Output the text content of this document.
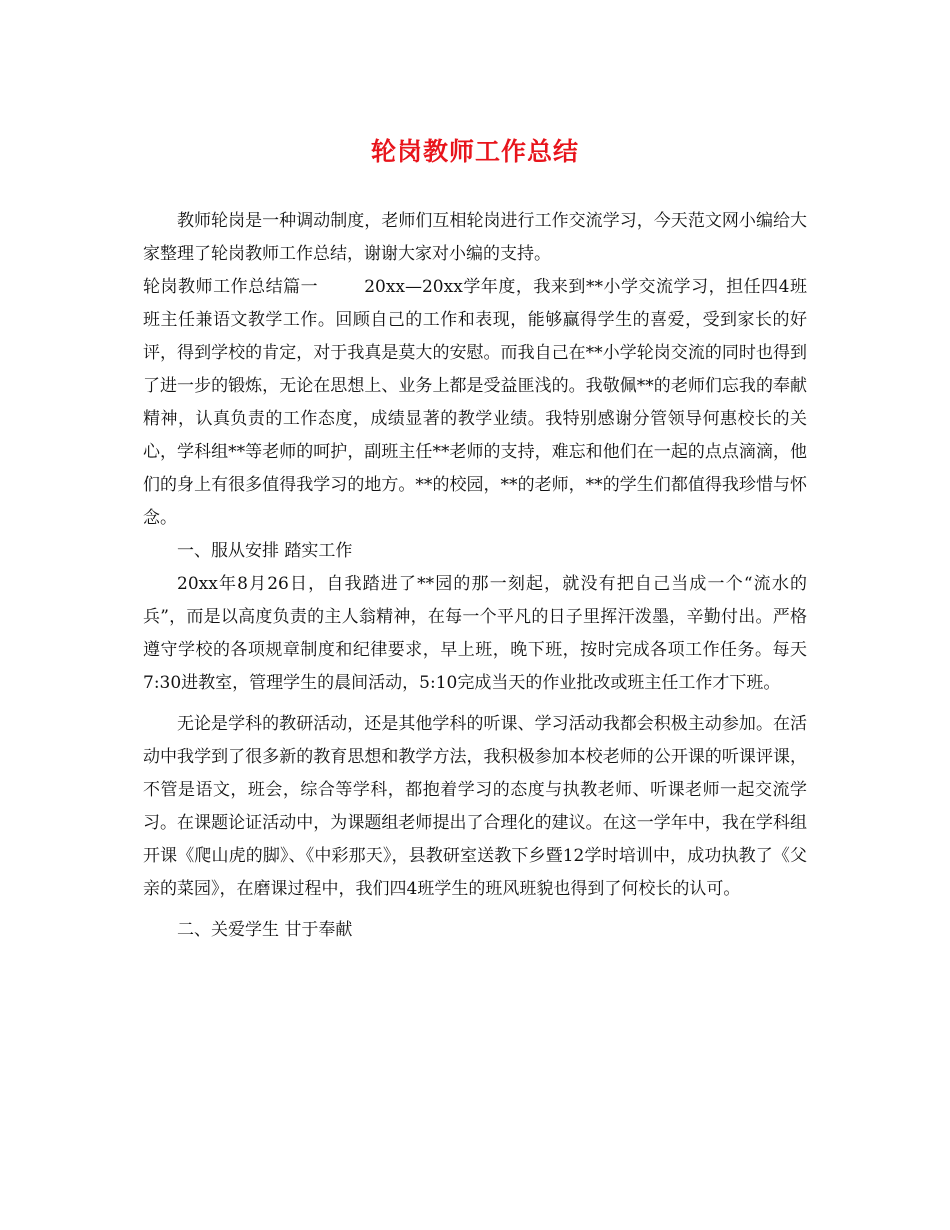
轮岗教师工作总结

教师轮岗是一种调动制度，老师们互相轮岗进行工作交流学习，今天范文网小编给大家整理了轮岗教师工作总结，谢谢大家对小编的支持。

轮岗教师工作总结篇一	20xx—20xx学年度，我来到**小学交流学习，担任四4班班主任兼语文教学工作。回顾自己的工作和表现，能够赢得学生的喜爱，受到家长的好评，得到学校的肯定，对于我真是莫大的安慰。而我自己在**小学轮岗交流的同时也得到了进一步的锻炼，无论在思想上、业务上都是受益匪浅的。我敬佩**的老师们忘我的奉献精神，认真负责的工作态度，成绩显著的教学业绩。我特别感谢分管领导何惠校长的关心，学科组**等老师的呵护，副班主任**老师的支持，难忘和他们在一起的点点滴滴，他们的身上有很多值得我学习的地方。**的校园，**的老师，**的学生们都值得我珍惜与怀念。

一、服从安排 踏实工作

20xx年8月26日，自我踏进了**园的那一刻起，就没有把自己当成一个“流水的兵”，而是以高度负责的主人翁精神，在每一个平凡的日子里挥汗泼墨，辛勤付出。严格遵守学校的各项规章制度和纪律要求，早上班，晚下班，按时完成各项工作任务。每天7:30进教室，管理学生的晨间活动，5:10完成当天的作业批改或班主任工作才下班。

无论是学科的教研活动，还是其他学科的听课、学习活动我都会积极主动参加。在活动中我学到了很多新的教育思想和教学方法，我积极参加本校老师的公开课的听课评课，不管是语文，班会，综合等学科，都抱着学习的态度与执教老师、听课老师一起交流学习。在课题论证活动中，为课题组老师提出了合理化的建议。在这一学年中，我在学科组开课《爬山虎的脚》、《中彩那天》，县教研室送教下乡暨12学时培训中，成功执教了《父亲的菜园》，在磨课过程中，我们四4班学生的班风班貌也得到了何校长的认可。

二、关爱学生 甘于奉献
